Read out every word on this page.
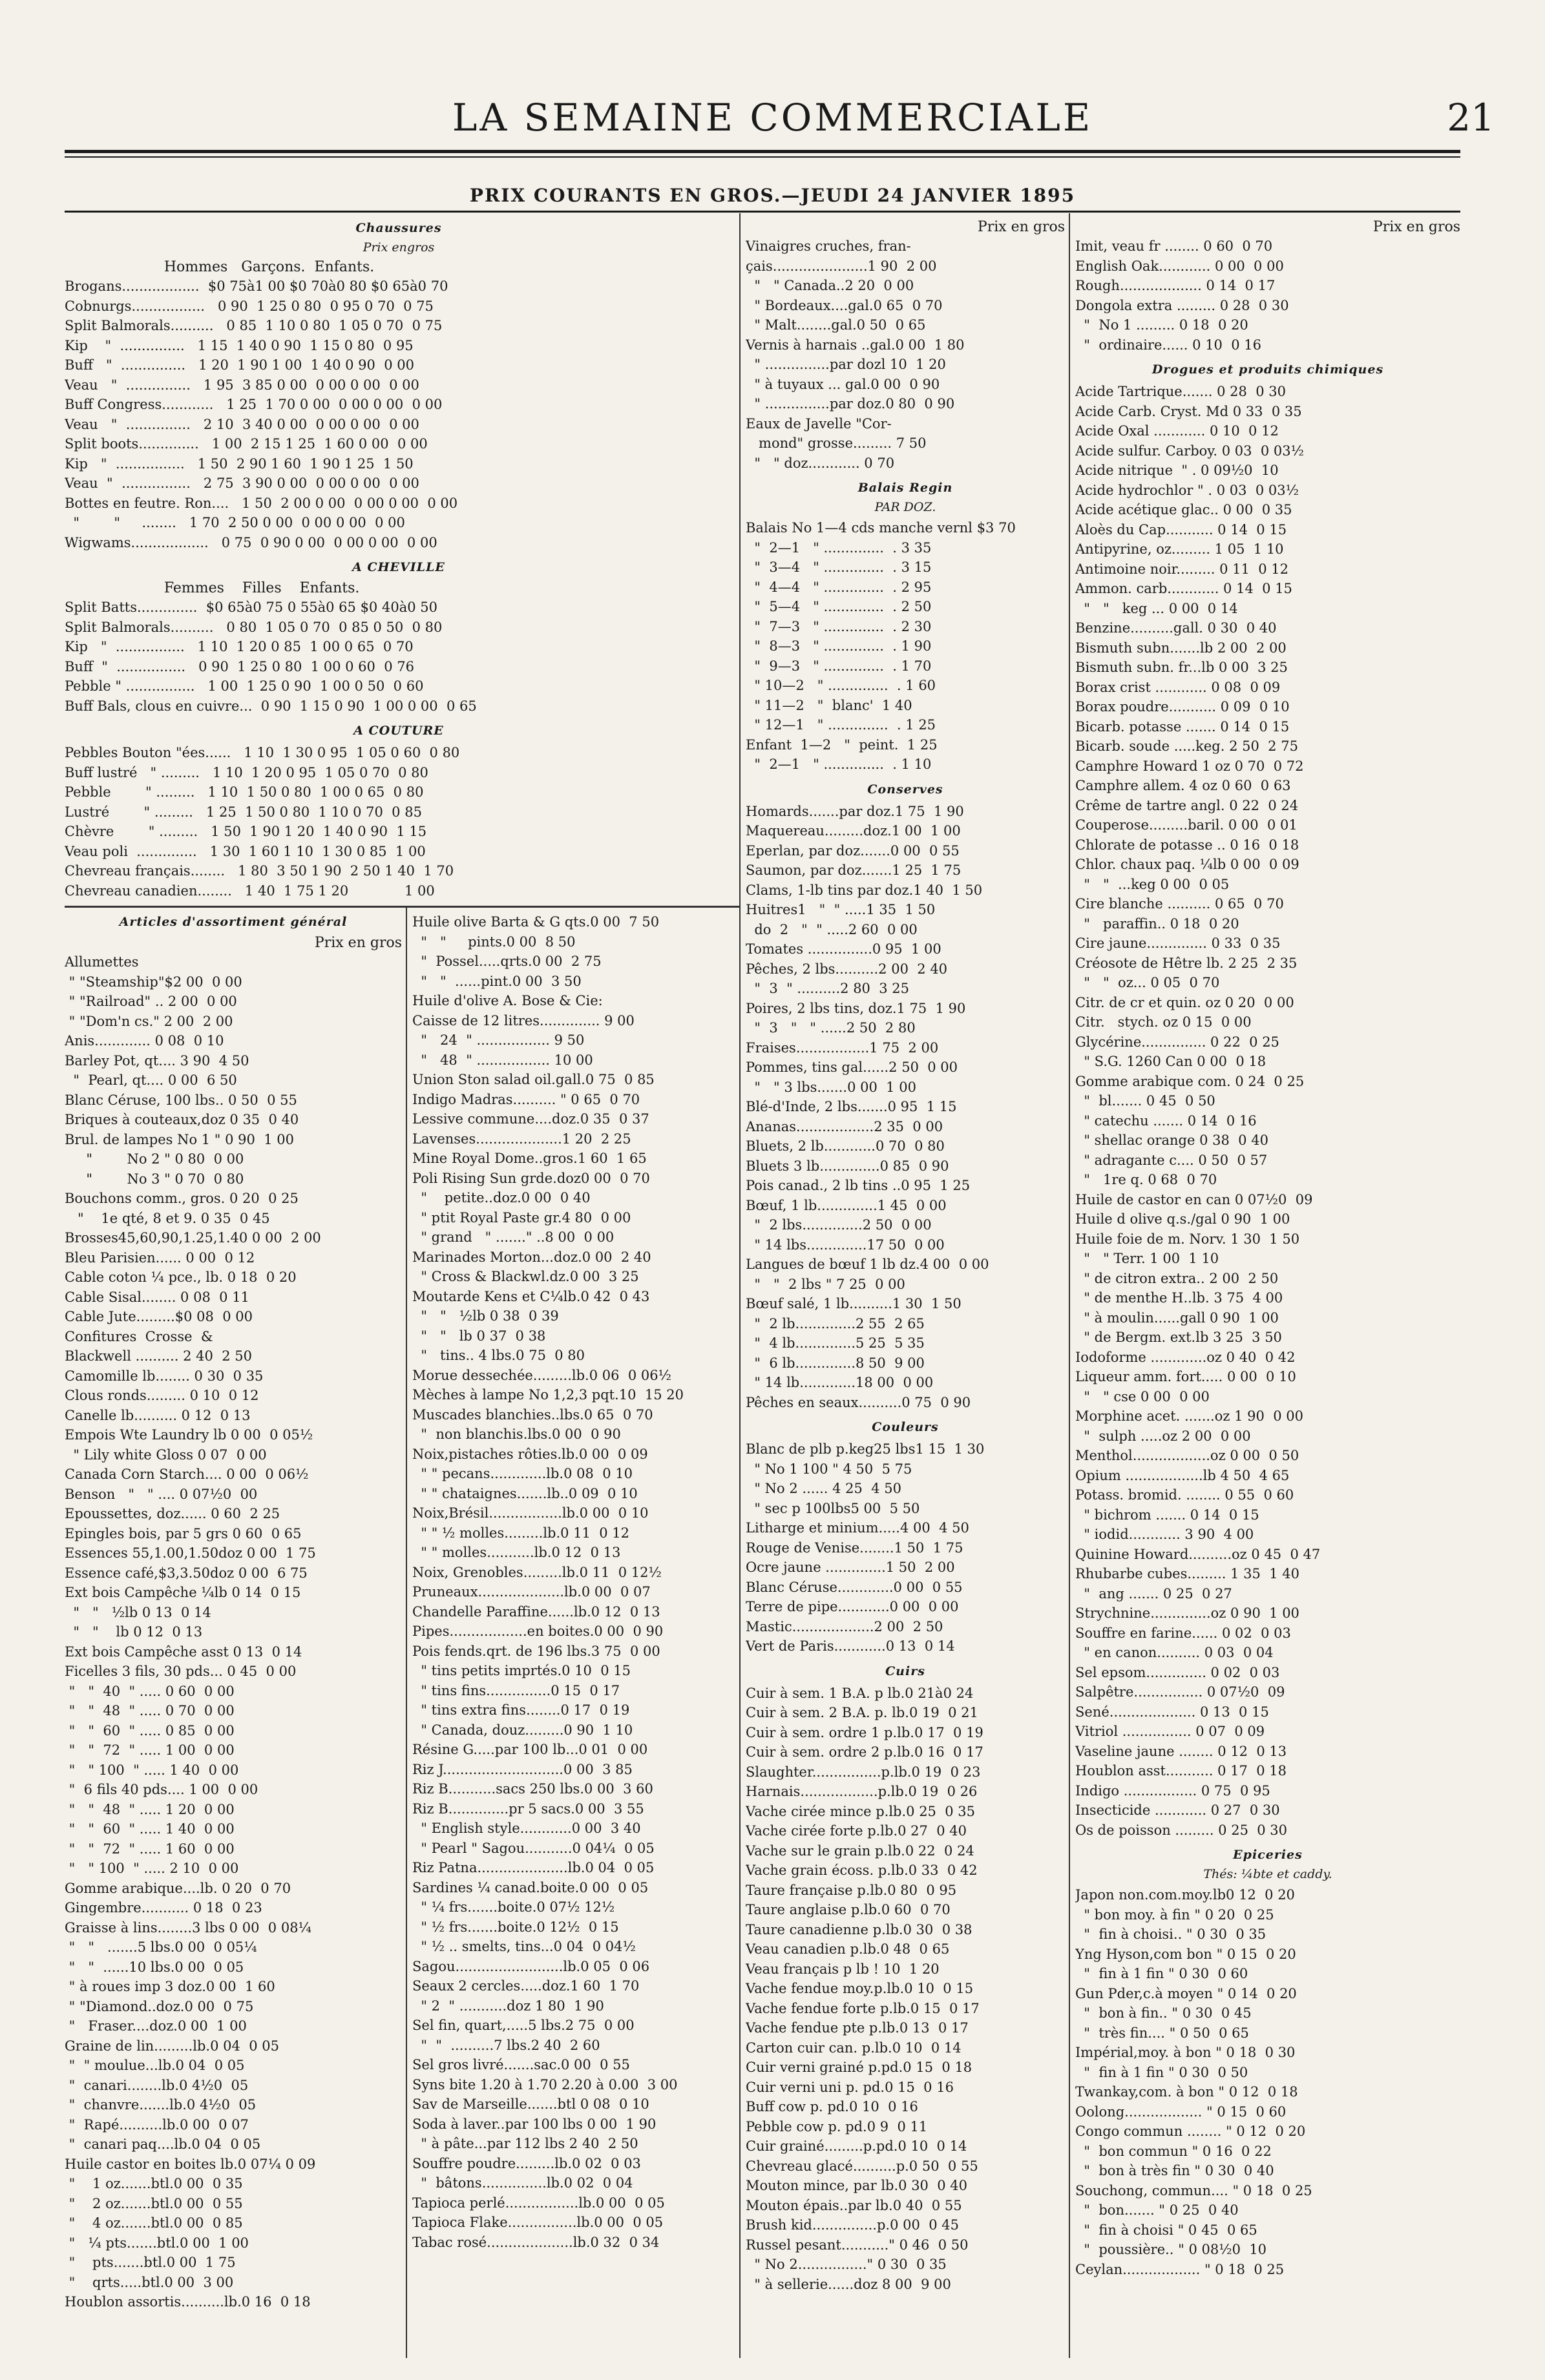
LA SEMAINE COMMERCIALE	21
PRIX COURANTS EN GROS.—JEUDI 24 JANVIER 1895
Chaussures
Prix engros
Hommes   Garçons.  Enfants.
Brogans..................  $0 75à1 00 $0 70à0 80 $0 65à0 70
Cobnurgs.................   0 90  1 25 0 80  0 95 0 70  0 75
Split Balmorals..........   0 85  1 10 0 80  1 05 0 70  0 75
Kip    "  ...............   1 15  1 40 0 90  1 15 0 80  0 95
Buff   "  ...............   1 20  1 90 1 00  1 40 0 90  0 00
Veau   "  ...............   1 95  3 85 0 00  0 00 0 00  0 00
Buff Congress............   1 25  1 70 0 00  0 00 0 00  0 00
Veau   "  ...............   2 10  3 40 0 00  0 00 0 00  0 00
Split boots..............   1 00  2 15 1 25  1 60 0 00  0 00
Kip   "  ................   1 50  2 90 1 60  1 90 1 25  1 50
Veau  "  ................   2 75  3 90 0 00  0 00 0 00  0 00
Bottes en feutre. Ron....   1 50  2 00 0 00  0 00 0 00  0 00
"        "     ........   1 70  2 50 0 00  0 00 0 00  0 00
Wigwams..................   0 75  0 90 0 00  0 00 0 00  0 00
A CHEVILLE
Femmes    Filles    Enfants.
Split Batts..............  $0 65à0 75 0 55à0 65 $0 40à0 50
Split Balmorals..........   0 80  1 05 0 70  0 85 0 50  0 80
Kip   "  ................   1 10  1 20 0 85  1 00 0 65  0 70
Buff  "  ................   0 90  1 25 0 80  1 00 0 60  0 76
Pebble " ................   1 00  1 25 0 90  1 00 0 50  0 60
Buff Bals, clous en cuivre...  0 90  1 15 0 90  1 00 0 00  0 65
A COUTURE
Pebbles Bouton "ées......   1 10  1 30 0 95  1 05 0 60  0 80
Buff lustré   " .........   1 10  1 20 0 95  1 05 0 70  0 80
Pebble        " .........   1 10  1 50 0 80  1 00 0 65  0 80
Lustré        " .........   1 25  1 50 0 80  1 10 0 70  0 85
Chèvre        " .........   1 50  1 90 1 20  1 40 0 90  1 15
Veau poli  ..............   1 30  1 60 1 10  1 30 0 85  1 00
Chevreau français........   1 80  3 50 1 90  2 50 1 40  1 70
Chevreau canadien........   1 40  1 75 1 20             1 00
Articles d'assortiment général
Prix en gros
Allumettes
" "Steamship"$2 00  0 00
" "Railroad" .. 2 00  0 00
" "Dom'n cs." 2 00  2 00
Anis............. 0 08  0 10
Barley Pot, qt.... 3 90  4 50
"  Pearl, qt.... 0 00  6 50
Blanc Céruse, 100 lbs.. 0 50  0 55
Briques à couteaux,doz 0 35  0 40
Brul. de lampes No 1 " 0 90  1 00
"        No 2 " 0 80  0 00
"        No 3 " 0 70  0 80
Bouchons comm., gros. 0 20  0 25
"    1e qté, 8 et 9. 0 35  0 45
Brosses45,60,90,1.25,1.40 0 00  2 00
Bleu Parisien...... 0 00  0 12
Cable coton ¼ pce., lb. 0 18  0 20
Cable Sisal........ 0 08  0 11
Cable Jute.........$0 08  0 00
Confitures  Crosse  &
Blackwell .......... 2 40  2 50
Camomille lb........ 0 30  0 35
Clous ronds......... 0 10  0 12
Canelle lb.......... 0 12  0 13
Empois Wte Laundry lb 0 00  0 05½
" Lily white Gloss 0 07  0 00
Canada Corn Starch.... 0 00  0 06½
Benson   "   " .... 0 07½0  00
Epoussettes, doz...... 0 60  2 25
Epingles bois, par 5 grs 0 60  0 65
Essences 55,1.00,1.50doz 0 00  1 75
Essence café,$3,3.50doz 0 00  6 75
Ext bois Campêche ¼lb 0 14  0 15
"   "   ½lb 0 13  0 14
"   "    lb 0 12  0 13
Ext bois Campêche asst 0 13  0 14
Ficelles 3 fils, 30 pds... 0 45  0 00
"   "  40  " ..... 0 60  0 00
"   "  48  " ..... 0 70  0 00
"   "  60  " ..... 0 85  0 00
"   "  72  " ..... 1 00  0 00
"   " 100  " ..... 1 40  0 00
"  6 fils 40 pds.... 1 00  0 00
"   "  48  " ..... 1 20  0 00
"   "  60  " ..... 1 40  0 00
"   "  72  " ..... 1 60  0 00
"   " 100  " ..... 2 10  0 00
Gomme arabique....lb. 0 20  0 70
Gingembre........... 0 18  0 23
Graisse à lins........3 lbs 0 00  0 08¼
"   "   .......5 lbs.0 00  0 05¼
"   "  ......10 lbs.0 00  0 05
" à roues imp 3 doz.0 00  1 60
" "Diamond..doz.0 00  0 75
"   Fraser....doz.0 00  1 00
Graine de lin.........lb.0 04  0 05
"  " moulue...lb.0 04  0 05
"  canari........lb.0 4½0  05
"  chanvre.......lb.0 4½0  05
"  Rapé..........lb.0 00  0 07
"  canari paq....lb.0 04  0 05
Huile castor en boites lb.0 07¼ 0 09
"    1 oz.......btl.0 00  0 35
"    2 oz.......btl.0 00  0 55
"    4 oz.......btl.0 00  0 85
"   ¼ pts.......btl.0 00  1 00
"    pts.......btl.0 00  1 75
"    qrts.....btl.0 00  3 00
Houblon assortis..........lb.0 16  0 18
Huile olive Barta & G qts.0 00  7 50
"   "     pints.0 00  8 50
"  Possel.....qrts.0 00  2 75
"   "  ......pint.0 00  3 50
Huile d'olive A. Bose & Cie:
Caisse de 12 litres.............. 9 00
"   24  " ................. 9 50
"   48  " ................. 10 00
Union Ston salad oil.gall.0 75  0 85
Indigo Madras.......... " 0 65  0 70
Lessive commune....doz.0 35  0 37
Lavenses....................1 20  2 25
Mine Royal Dome..gros.1 60  1 65
Poli Rising Sun grde.doz0 00  0 70
"    petite..doz.0 00  0 40
" ptit Royal Paste gr.4 80  0 00
" grand   " ......." ..8 00  0 00
Marinades Morton...doz.0 00  2 40
" Cross & Blackwl.dz.0 00  3 25
Moutarde Kens et C¼lb.0 42  0 43
"   "   ½lb 0 38  0 39
"   "   lb 0 37  0 38
"   tins.. 4 lbs.0 75  0 80
Morue dessechée.........lb.0 06  0 06½
Mèches à lampe No 1,2,3 pqt.10  15 20
Muscades blanchies..lbs.0 65  0 70
"  non blanchis.lbs.0 00  0 90
Noix,pistaches rôties.lb.0 00  0 09
" " pecans.............lb.0 08  0 10
" " chataignes.......lb..0 09  0 10
Noix,Brésil.................lb.0 00  0 10
" " ½ molles.........lb.0 11  0 12
" " molles...........lb.0 12  0 13
Noix, Grenobles.........lb.0 11  0 12½
Pruneaux....................lb.0 00  0 07
Chandelle Paraffine......lb.0 12  0 13
Pipes..................en boites.0 00  0 90
Pois fends.qrt. de 196 lbs.3 75  0 00
" tins petits imprtés.0 10  0 15
" tins fins...............0 15  0 17
" tins extra fins........0 17  0 19
" Canada, douz.........0 90  1 10
Résine G.....par 100 lb...0 01  0 00
Riz J............................0 00  3 85
Riz B...........sacs 250 lbs.0 00  3 60
Riz B..............pr 5 sacs.0 00  3 55
" English style............0 00  3 40
" Pearl " Sagou...........0 04¼  0 05
Riz Patna.....................lb.0 04  0 05
Sardines ¼ canad.boite.0 00  0 05
" ¼ frs.......boite.0 07½ 12½
" ½ frs.......boite.0 12½  0 15
" ½ .. smelts, tins...0 04  0 04½
Sagou.........................lb.0 05  0 06
Seaux 2 cercles.....doz.1 60  1 70
" 2  " ...........doz 1 80  1 90
Sel fin, quart,.....5 lbs.2 75  0 00
"  "  ..........7 lbs.2 40  2 60
Sel gros livré.......sac.0 00  0 55
Syns bite 1.20 à 1.70 2.20 à 0.00  3 00
Sav de Marseille.......btl 0 08  0 10
Soda à laver..par 100 lbs 0 00  1 90
" à pâte...par 112 lbs 2 40  2 50
Souffre poudre.........lb.0 02  0 03
"  bâtons...............lb.0 02  0 04
Tapioca perlé.................lb.0 00  0 05
Tapioca Flake................lb.0 00  0 05
Tabac rosé....................lb.0 32  0 34
Prix en gros
Vinaigres cruches, fran-
çais......................1 90  2 00
"   " Canada..2 20  0 00
" Bordeaux....gal.0 65  0 70
" Malt........gal.0 50  0 65
Vernis à harnais ..gal.0 00  1 80
" ...............par dozl 10  1 20
" à tuyaux ... gal.0 00  0 90
" ...............par doz.0 80  0 90
Eaux de Javelle "Cor-
mond" grosse......... 7 50
"   " doz............ 0 70
Balais Regin
PAR DOZ.
Balais No 1—4 cds manche vernl $3 70
"  2—1   " ..............  . 3 35
"  3—4   " ..............  . 3 15
"  4—4   " ..............  . 2 95
"  5—4   " ..............  . 2 50
"  7—3   " ..............  . 2 30
"  8—3   " ..............  . 1 90
"  9—3   " ..............  . 1 70
" 10—2   " ..............  . 1 60
" 11—2   "  blanc'  1 40
" 12—1   " ..............  . 1 25
Enfant  1—2   "  peint.  1 25
"  2—1   " ..............  . 1 10
Conserves
Homards.......par doz.1 75  1 90
Maquereau.........doz.1 00  1 00
Eperlan, par doz.......0 00  0 55
Saumon, par doz.......1 25  1 75
Clams, 1-lb tins par doz.1 40  1 50
Huitres1   "  " .....1 35  1 50
do  2   "  " .....2 60  0 00
Tomates ...............0 95  1 00
Pêches, 2 lbs..........2 00  2 40
"  3  " ..........2 80  3 25
Poires, 2 lbs tins, doz.1 75  1 90
"  3   "   " ......2 50  2 80
Fraises.................1 75  2 00
Pommes, tins gal......2 50  0 00
"   " 3 lbs.......0 00  1 00
Blé-d'Inde, 2 lbs.......0 95  1 15
Ananas..................2 35  0 00
Bluets, 2 lb............0 70  0 80
Bluets 3 lb..............0 85  0 90
Pois canad., 2 lb tins ..0 95  1 25
Bœuf, 1 lb..............1 45  0 00
"  2 lbs..............2 50  0 00
" 14 lbs..............17 50  0 00
Langues de bœuf 1 lb dz.4 00  0 00
"   "  2 lbs " 7 25  0 00
Bœuf salé, 1 lb..........1 30  1 50
"  2 lb..............2 55  2 65
"  4 lb..............5 25  5 35
"  6 lb..............8 50  9 00
" 14 lb.............18 00  0 00
Pêches en seaux..........0 75  0 90
Couleurs
Blanc de plb p.keg25 lbs1 15  1 30
" No 1 100 " 4 50  5 75
" No 2 ...... 4 25  4 50
" sec p 100lbs5 00  5 50
Litharge et minium.....4 00  4 50
Rouge de Venise........1 50  1 75
Ocre jaune ..............1 50  2 00
Blanc Céruse.............0 00  0 55
Terre de pipe............0 00  0 00
Mastic...................2 00  2 50
Vert de Paris............0 13  0 14
Cuirs
Cuir à sem. 1 B.A. p lb.0 21à0 24
Cuir à sem. 2 B.A. p. lb.0 19  0 21
Cuir à sem. ordre 1 p.lb.0 17  0 19
Cuir à sem. ordre 2 p.lb.0 16  0 17
Slaughter................p.lb.0 19  0 23
Harnais..................p.lb.0 19  0 26
Vache cirée mince p.lb.0 25  0 35
Vache cirée forte p.lb.0 27  0 40
Vache sur le grain p.lb.0 22  0 24
Vache grain écoss. p.lb.0 33  0 42
Taure française p.lb.0 80  0 95
Taure anglaise p.lb.0 60  0 70
Taure canadienne p.lb.0 30  0 38
Veau canadien p.lb.0 48  0 65
Veau français p lb ! 10  1 20
Vache fendue moy.p.lb.0 10  0 15
Vache fendue forte p.lb.0 15  0 17
Vache fendue pte p.lb.0 13  0 17
Carton cuir can. p.lb.0 10  0 14
Cuir verni grainé p.pd.0 15  0 18
Cuir verni uni p. pd.0 15  0 16
Buff cow p. pd.0 10  0 16
Pebble cow p. pd.0 9  0 11
Cuir grainé.........p.pd.0 10  0 14
Chevreau glacé..........p.0 50  0 55
Mouton mince, par lb.0 30  0 40
Mouton épais..par lb.0 40  0 55
Brush kid...............p.0 00  0 45
Russel pesant..........." 0 46  0 50
" No 2................" 0 30  0 35
" à sellerie......doz 8 00  9 00
Prix en gros
Imit, veau fr ........ 0 60  0 70
English Oak............ 0 00  0 00
Rough................... 0 14  0 17
Dongola extra ......... 0 28  0 30
"  No 1 ......... 0 18  0 20
"  ordinaire...... 0 10  0 16
Drogues et produits chimiques
Acide Tartrique....... 0 28  0 30
Acide Carb. Cryst. Md 0 33  0 35
Acide Oxal ............ 0 10  0 12
Acide sulfur. Carboy. 0 03  0 03½
Acide nitrique  " . 0 09½0  10
Acide hydrochlor " . 0 03  0 03½
Acide acétique glac.. 0 00  0 35
Aloès du Cap........... 0 14  0 15
Antipyrine, oz......... 1 05  1 10
Antimoine noir......... 0 11  0 12
Ammon. carb............ 0 14  0 15
"   "   keg ... 0 00  0 14
Benzine..........gall. 0 30  0 40
Bismuth subn.......lb 2 00  2 00
Bismuth subn. fr...lb 0 00  3 25
Borax crist ............ 0 08  0 09
Borax poudre........... 0 09  0 10
Bicarb. potasse ....... 0 14  0 15
Bicarb. soude .....keg. 2 50  2 75
Camphre Howard 1 oz 0 70  0 72
Camphre allem. 4 oz 0 60  0 63
Crême de tartre angl. 0 22  0 24
Couperose.........baril. 0 00  0 01
Chlorate de potasse .. 0 16  0 18
Chlor. chaux paq. ¼lb 0 00  0 09
"   "  ...keg 0 00  0 05
Cire blanche .......... 0 65  0 70
"   paraffin.. 0 18  0 20
Cire jaune.............. 0 33  0 35
Créosote de Hêtre lb. 2 25  2 35
"   "  oz... 0 05  0 70
Citr. de cr et quin. oz 0 20  0 00
Citr.   stych. oz 0 15  0 00
Glycérine............... 0 22  0 25
" S.G. 1260 Can 0 00  0 18
Gomme arabique com. 0 24  0 25
"  bl....... 0 45  0 50
" catechu ....... 0 14  0 16
" shellac orange 0 38  0 40
" adragante c.... 0 50  0 57
"   1re q. 0 68  0 70
Huile de castor en can 0 07½0  09
Huile d olive q.s./gal 0 90  1 00
Huile foie de m. Norv. 1 30  1 50
"   " Terr. 1 00  1 10
" de citron extra.. 2 00  2 50
" de menthe H..lb. 3 75  4 00
" à moulin......gall 0 90  1 00
" de Bergm. ext.lb 3 25  3 50
Iodoforme .............oz 0 40  0 42
Liqueur amm. fort..... 0 00  0 10
"   " cse 0 00  0 00
Morphine acet. .......oz 1 90  0 00
"  sulph .....oz 2 00  0 00
Menthol..................oz 0 00  0 50
Opium ..................lb 4 50  4 65
Potass. bromid. ........ 0 55  0 60
" bichrom ....... 0 14  0 15
" iodid............ 3 90  4 00
Quinine Howard..........oz 0 45  0 47
Rhubarbe cubes......... 1 35  1 40
"  ang ....... 0 25  0 27
Strychnine..............oz 0 90  1 00
Souffre en farine...... 0 02  0 03
" en canon.......... 0 03  0 04
Sel epsom.............. 0 02  0 03
Salpêtre................ 0 07½0  09
Sené.................... 0 13  0 15
Vitriol ................ 0 07  0 09
Vaseline jaune ........ 0 12  0 13
Houblon asst........... 0 17  0 18
Indigo ................. 0 75  0 95
Insecticide ............ 0 27  0 30
Os de poisson ......... 0 25  0 30
Epiceries
Thés: ¼bte et caddy.
Japon non.com.moy.lb0 12  0 20
" bon moy. à fin " 0 20  0 25
"  fin à choisi.. " 0 30  0 35
Yng Hyson,com bon " 0 15  0 20
"  fin à 1 fin " 0 30  0 60
Gun Pder,c.à moyen " 0 14  0 20
"  bon à fin.. " 0 30  0 45
"  très fin.... " 0 50  0 65
Impérial,moy. à bon " 0 18  0 30
"  fin à 1 fin " 0 30  0 50
Twankay,com. à bon " 0 12  0 18
Oolong.................. " 0 15  0 60
Congo commun ........ " 0 12  0 20
"  bon commun " 0 16  0 22
"  bon à très fin " 0 30  0 40
Souchong, commun.... " 0 18  0 25
"  bon....... " 0 25  0 40
"  fin à choisi " 0 45  0 65
"  poussière.. " 0 08½0  10
Ceylan.................. " 0 18  0 25
